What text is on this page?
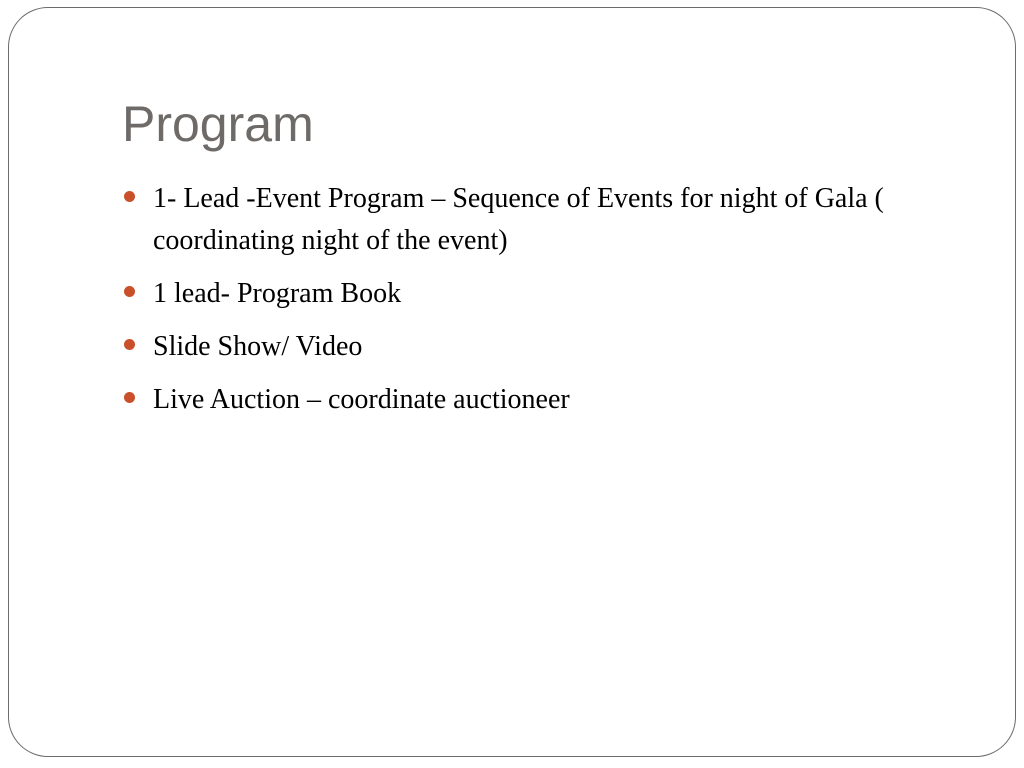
Program
1- Lead -Event Program – Sequence of Events for night of Gala ( coordinating night of the event)
1 lead- Program Book
Slide Show/ Video
Live Auction – coordinate auctioneer
